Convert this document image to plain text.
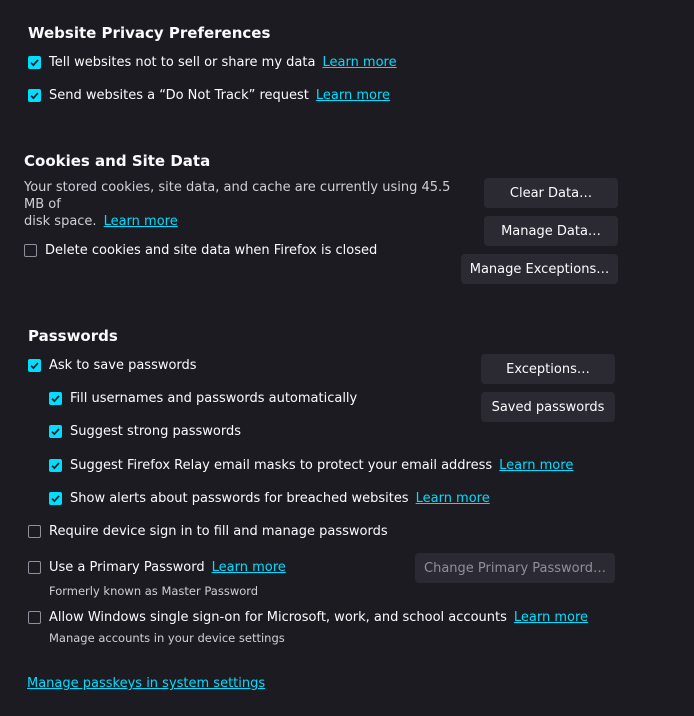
Website Privacy Preferences
Tell websites not to sell or share my data Learn more
Send websites a “Do Not Track” request Learn more
Cookies and Site Data
Your stored cookies, site data, and cache are currently using 45.5 MB of
disk space. Learn more
Delete cookies and site data when Firefox is closed
Clear Data…
Manage Data…
Manage Exceptions…
Passwords
Ask to save passwords
Fill usernames and passwords automatically
Suggest strong passwords
Suggest Firefox Relay email masks to protect your email address Learn more
Show alerts about passwords for breached websites Learn more
Require device sign in to fill and manage passwords
Use a Primary Password Learn more
Formerly known as Master Password
Allow Windows single sign-on for Microsoft, work, and school accounts Learn more
Manage accounts in your device settings
Exceptions…
Saved passwords
Change Primary Password…
Manage passkeys in system settings
